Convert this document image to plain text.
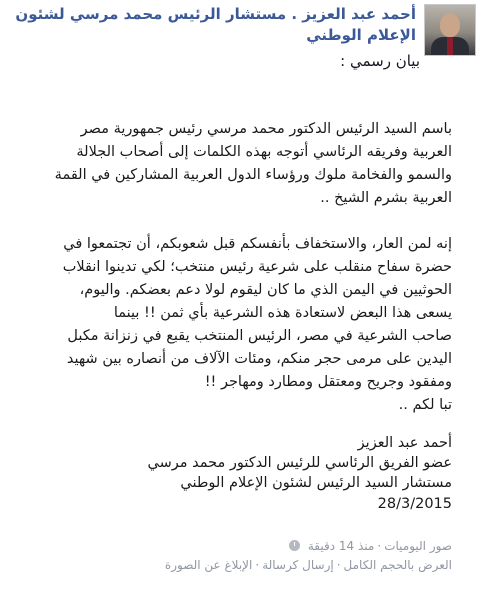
أحمد عبد العزيز . مستشار الرئيس محمد مرسي لشئون
الإعلام الوطني
بيان رسمي :
باسم السيد الرئيس الدكتور محمد مرسي رئيس جمهورية مصر
العربية وفريقه الرئاسي أتوجه بهذه الكلمات إلى أصحاب الجلالة
والسمو والفخامة ملوك ورؤساء الدول العربية المشاركين في القمة
العربية بشرم الشيخ ..
إنه لمن العار، والاستخفاف بأنفسكم قبل شعوبكم، أن تجتمعوا في
حضرة سفاح منقلب على شرعية رئيس منتخب؛ لكي تدينوا انقلاب
الحوثيين في اليمن الذي ما كان ليقوم لولا دعم بعضكم. واليوم،
يسعى هذا البعض لاستعادة هذه الشرعية بأي ثمن !! بينما
صاحب الشرعية في مصر، الرئيس المنتخب يقبع في زنزانة مكبل
اليدين على مرمى حجر منكم، ومئات الآلاف من أنصاره بين شهيد
ومفقود وجريح ومعتقل ومطارد ومهاجر !!
تبا لكم ..
أحمد عبد العزيز
عضو الفريق الرئاسي للرئيس الدكتور محمد مرسي
مستشار السيد الرئيس لشئون الإعلام الوطني
28/3/2015
صور اليوميات·منذ 14 دقيقة
العرض بالحجم الكامل·إرسال كرسالة·الإبلاغ عن الصورة
